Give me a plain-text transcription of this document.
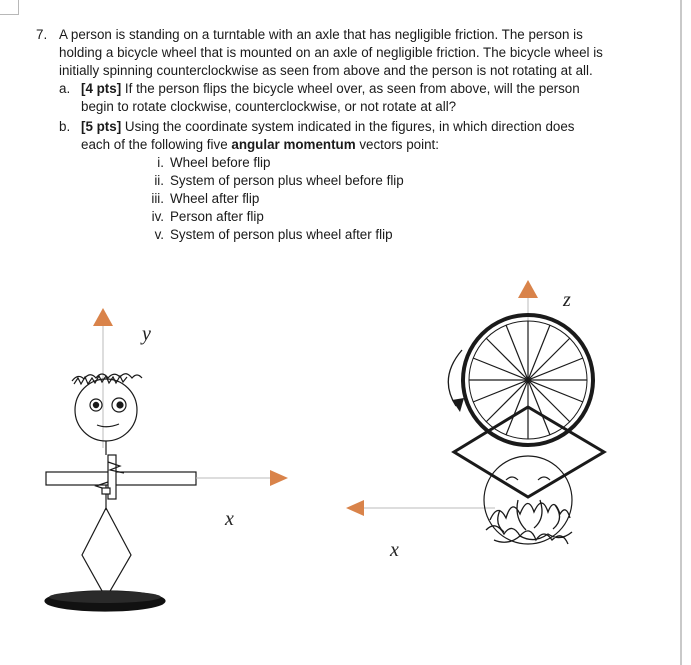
7. A person is standing on a turntable with an axle that has negligible friction. The person is
holding a bicycle wheel that is mounted on an axle of negligible friction. The bicycle wheel is
initially spinning counterclockwise as seen from above and the person is not rotating at all.
a. [4 pts] If the person flips the bicycle wheel over, as seen from above, will the person
begin to rotate clockwise, counterclockwise, or not rotate at all?
b. [5 pts] Using the coordinate system indicated in the figures, in which direction does
each of the following five angular momentum vectors point:
i. Wheel before flip
ii. System of person plus wheel before flip
iii. Wheel after flip
iv. Person after flip
v. System of person plus wheel after flip
y
x
z
x
